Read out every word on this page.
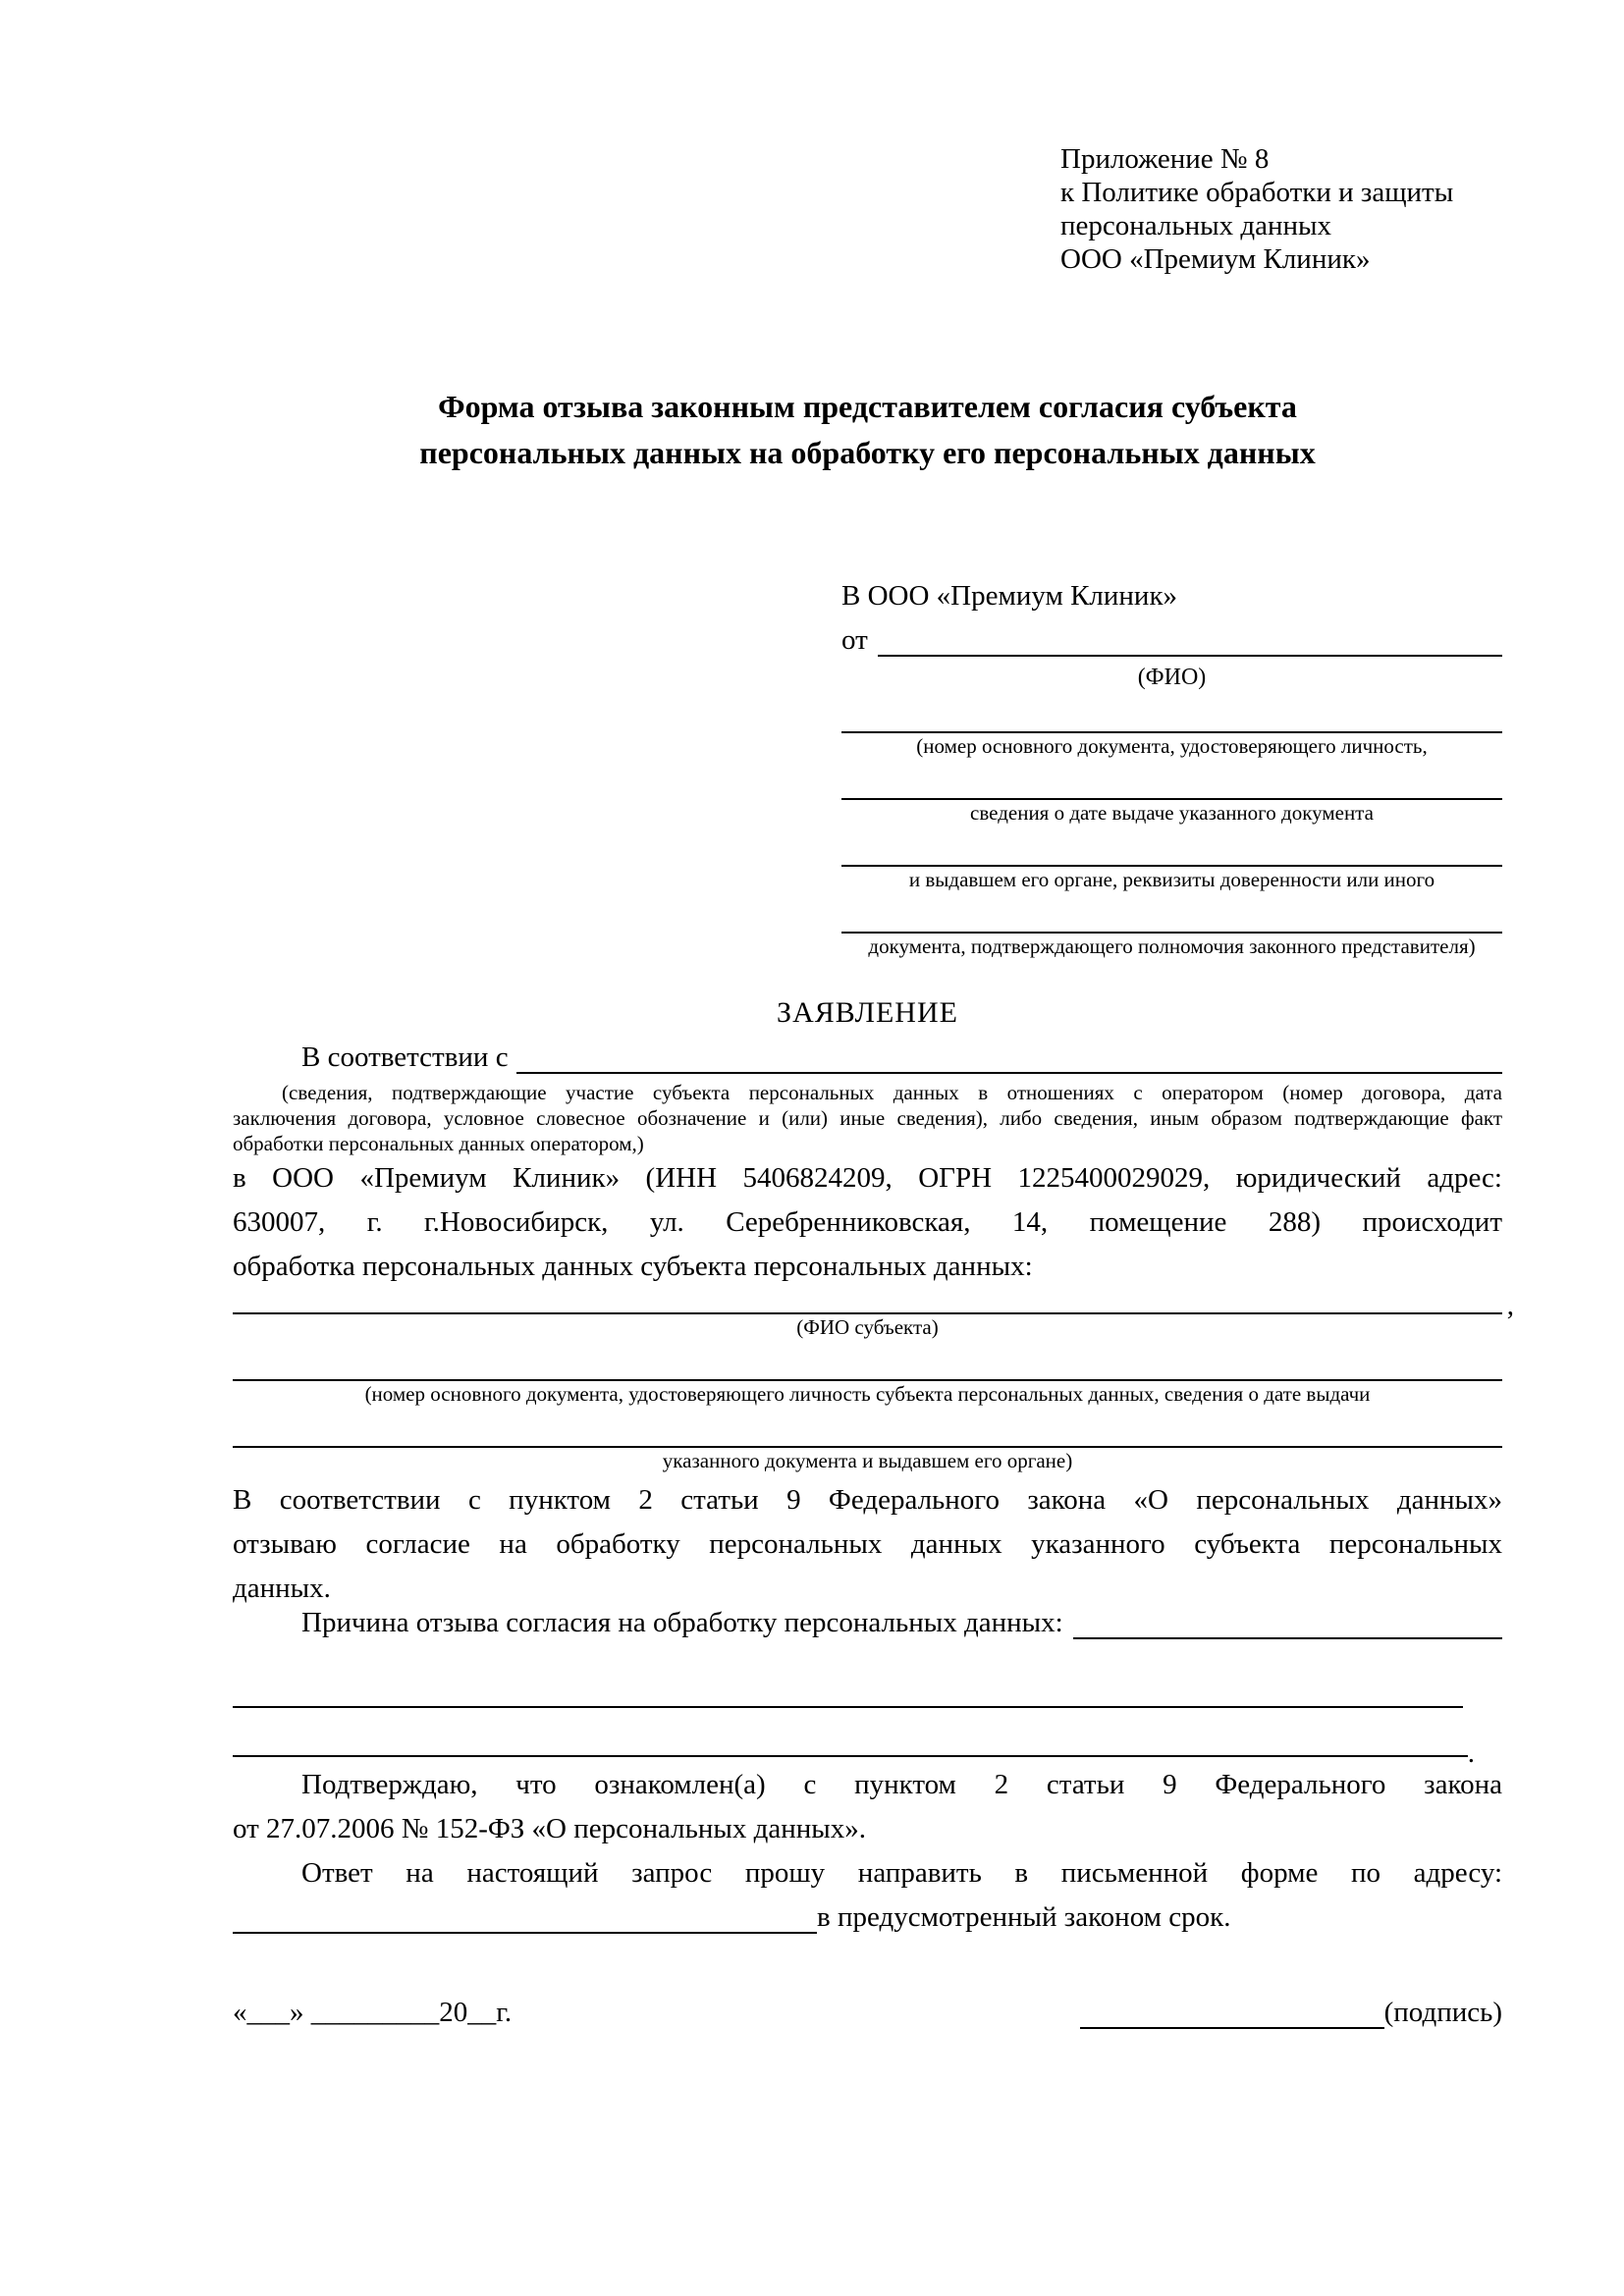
Приложение № 8
к Политике обработки и защиты
персональных данных
ООО «Премиум Клиник»
Форма отзыва законным представителем согласия субъекта
персональных данных на обработку его персональных данных
В ООО «Премиум Клиник»
от
(ФИО)
(номер основного документа, удостоверяющего личность,
сведения о дате выдаче указанного документа
и выдавшем его органе, реквизиты доверенности или иного
документа, подтверждающего полномочия законного представителя)
ЗАЯВЛЕНИЕ
В соответствии с
(сведения, подтверждающие участие субъекта персональных данных в отношениях с оператором (номер договора, дата
заключения договора, условное словесное обозначение и (или) иные сведения), либо сведения, иным образом подтверждающие факт
обработки персональных данных оператором,)
в ООО «Премиум Клиник» (ИНН 5406824209, ОГРН 1225400029029, юридический адрес:
630007, г. г.Новосибирск, ул. Серебренниковская, 14, помещение 288) происходит
обработка персональных данных субъекта персональных данных:
,
(ФИО субъекта)
(номер основного документа, удостоверяющего личность субъекта персональных данных, сведения о дате выдачи
указанного документа и выдавшем его органе)
В соответствии с пунктом 2 статьи 9 Федерального закона «О персональных данных»
отзываю согласие на обработку персональных данных указанного субъекта персональных
данных.
Причина отзыва согласия на обработку персональных данных:
.
Подтверждаю, что ознакомлен(а) с пунктом 2 статьи 9 Федерального закона
от 27.07.2006 № 152-ФЗ «О персональных данных».
Ответ на настоящий запрос прошу направить в письменной форме по адресу:
в предусмотренный законом срок.
«___» _________20__г.	(подпись)
